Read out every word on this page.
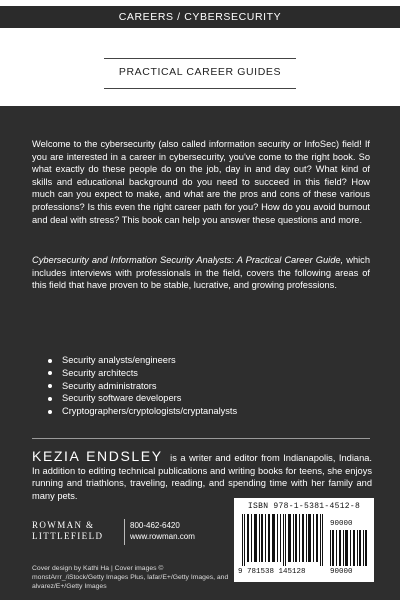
CAREERS / CYBERSECURITY
PRACTICAL CAREER GUIDES

Welcome to the cybersecurity (also called information security or InfoSec) field! If you are interested in a career in cybersecurity, you've come to the right book. So what exactly do these people do on the job, day in and day out? What kind of skills and educational background do you need to succeed in this field? How much can you expect to make, and what are the pros and cons of these various professions? Is this even the right career path for you? How do you avoid burnout and deal with stress? This book can help you answer these questions and more.

Cybersecurity and Information Security Analysts: A Practical Career Guide, which includes interviews with professionals in the field, covers the following areas of this field that have proven to be stable, lucrative, and growing professions.

Security analysts/engineers
Security architects
Security administrators
Security software developers
Cryptographers/cryptologists/cryptanalysts

KEZIA ENDSLEY is a writer and editor from Indianapolis, Indiana. In addition to editing technical publications and writing books for teens, she enjoys running and triathlons, traveling, reading, and spending time with her family and many pets.

ROWMAN &
LITTLEFIELD
800-462-6420
www.rowman.com

Cover design by Kathi Ha | Cover images © monstArrr_/iStock/Getty Images Plus, lafar/E+/Getty Images, and alvarez/E+/Getty Images

ISBN 978-1-5381-4512-8
90000
9 781538 145128	90000
